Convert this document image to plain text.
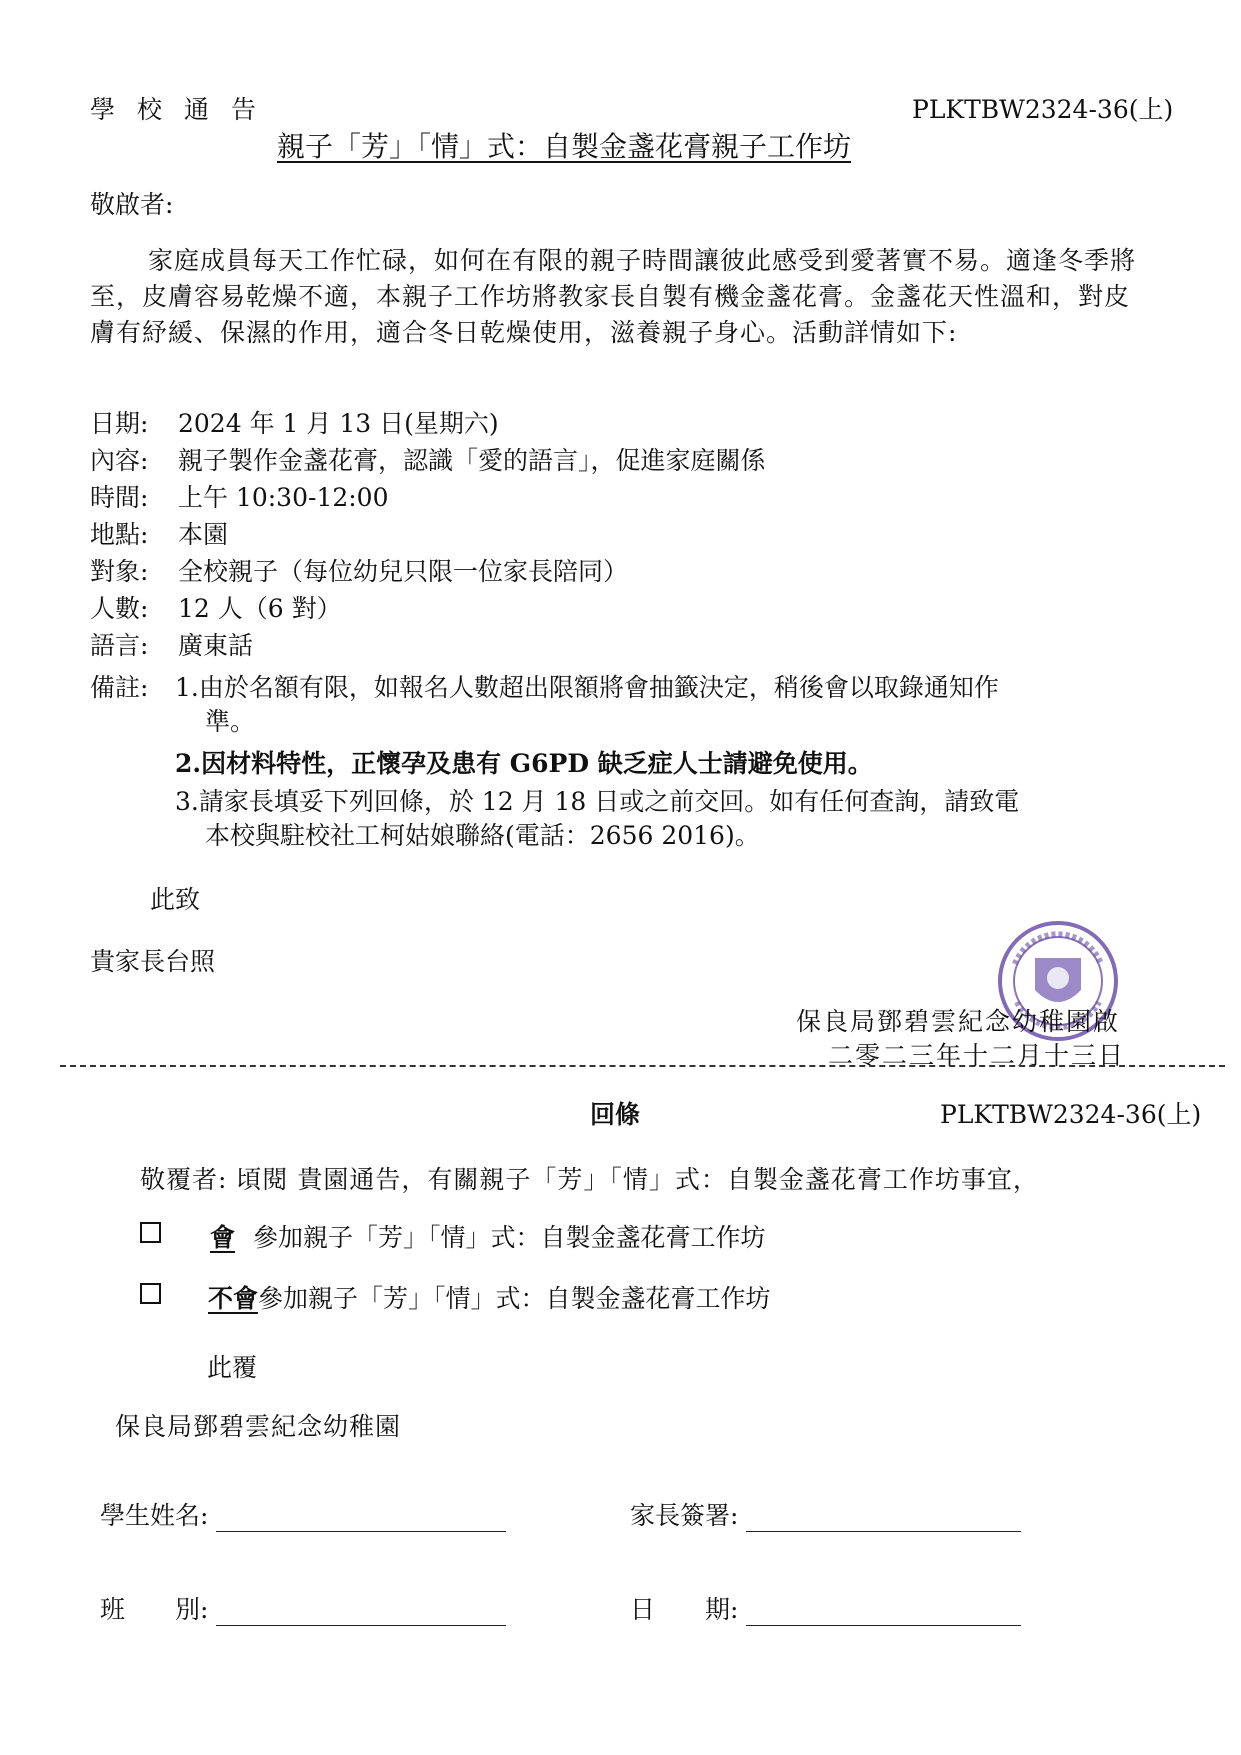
學校通告	PLKTBW2324-36(上)
親子「芳」「情」式：自製金盞花膏親子工作坊
敬啟者:
家庭成員每天工作忙碌，如何在有限的親子時間讓彼此感受到愛著實不易。適逢冬季將至，皮膚容易乾燥不適，本親子工作坊將教家長自製有機金盞花膏。金盞花天性溫和，對皮膚有紓緩、保濕的作用，適合冬日乾燥使用，滋養親子身心。活動詳情如下:
日期: 2024 年 1 月 13 日(星期六)
內容: 親子製作金盞花膏，認識「愛的語言」，促進家庭關係
時間: 上午 10:30-12:00
地點: 本園
對象: 全校親子（每位幼兒只限一位家長陪同）
人數: 12 人（6 對）
語言: 廣東話
備註: 1.由於名額有限，如報名人數超出限額將會抽籤決定，稍後會以取錄通知作
準。
2.因材料特性，正懷孕及患有 G6PD 缺乏症人士請避免使用。
3.請家長填妥下列回條，於 12 月 18 日或之前交回。如有任何查詢，請致電
本校與駐校社工柯姑娘聯絡(電話：2656 2016)。
此致
貴家長台照
保良局鄧碧雲紀念幼稚園啟
二零二三年十二月十三日
回條	PLKTBW2324-36(上)
敬覆者: 頃閱 貴園通告，有關親子「芳」「情」式：自製金盞花膏工作坊事宜，
會 參加親子「芳」「情」式：自製金盞花膏工作坊
不會參加親子「芳」「情」式：自製金盞花膏工作坊
此覆
保良局鄧碧雲紀念幼稚園
學生姓名:	家長簽署:
班　　別:	日　　期:
